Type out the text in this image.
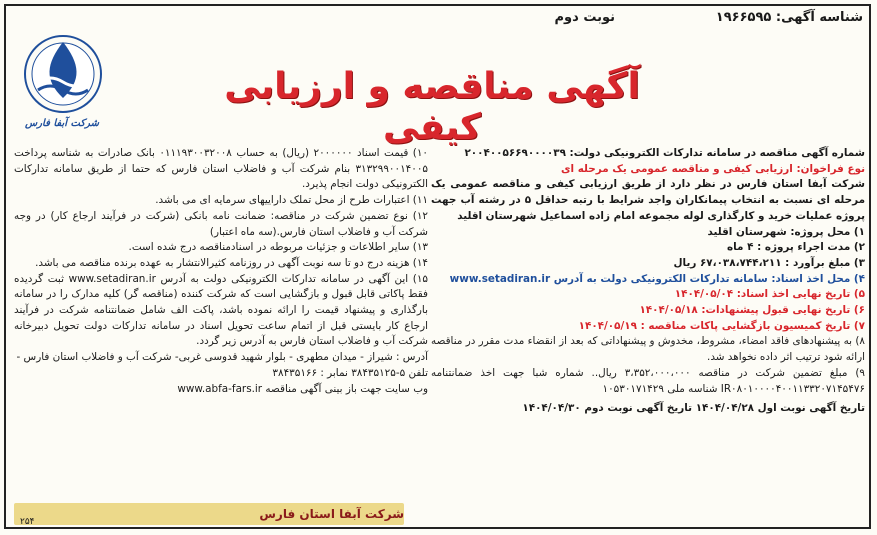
شناسه آگهی: ۱۹۶۶۵۹۵
نوبت دوم
شرکت آبفا فارس
آگهی مناقصه و ارزیابی کیفی

شماره آگهی مناقصه در سامانه تدارکات الکترونیکی دولت: ۲۰۰۴۰۰۵۶۶۹۰۰۰۰۳۹

نوع فراخوان: ارزیابی کیفی و مناقصه عمومی یک مرحله ای

شرکت آبفا استان فارس در نظر دارد از طریق ارزیابی کیفی و مناقصه عمومی یک مرحله ای نسبت به انتخاب پیمانکاران واجد شرایط با رتبه حداقل ۵ در رشته آب جهت پروژه عملیات خرید و کارگذاری لوله مجموعه امام زاده اسماعیل شهرستان اقلید

۱) محل پروژه: شهرستان اقلید

۲) مدت اجراء پروژه : ۴ ماه

۳) مبلغ برآورد : ۶۷،۰۳۸،۷۴۴،۲۱۱ ریال

۴) محل اخذ اسناد: سامانه تدارکات الکترونیکی دولت به آدرس www.setadiran.ir

۵) تاریخ نهایی اخذ اسناد: ۱۴۰۴/۰۵/۰۴

۶) تاریخ نهایی قبول پیشنهادات: ۱۴۰۴/۰۵/۱۸

۷) تاریخ کمیسیون بازگشایی پاکات مناقصه : ۱۴۰۴/۰۵/۱۹

۸) به پیشنهادهای فاقد امضاء، مشروط، مخدوش و پیشنهاداتی که بعد از انقضاء مدت مقرر در مناقصه ارائه شود ترتیب اثر داده نخواهد شد.

۹) مبلغ تضمین شرکت در مناقصه ۳،۳۵۲،۰۰۰،۰۰۰ ریال.. شماره شبا جهت اخذ ضمانتنامه IR۰۸۰۱۰۰۰۰۴۰۰۱۱۳۳۲۰۷۱۴۵۴۷۶ شناسه ملی ۱۰۵۳۰۱۷۱۴۲۹

تاریخ آگهی نوبت اول ۱۴۰۴/۰۴/۲۸ تاریخ آگهی نوبت دوم ۱۴۰۴/۰۴/۳۰

۱۰) قیمت اسناد ۲۰۰۰۰۰۰ (ریال) به حساب ۰۱۱۱۹۳۰۰۳۲۰۰۸ بانک صادرات به شناسه پرداخت ۳۱۳۲۹۹۰۰۱۴۰۰۵ بنام شرکت آب و فاضلاب استان فارس که حتما از طریق سامانه تدارکات الکترونیکی دولت انجام پذیرد.

۱۱) اعتبارات طرح از محل تملک داراییهای سرمایه ای می باشد.

۱۲) نوع تضمین شرکت در مناقصه: ضمانت نامه بانکی (شرکت در فرآیند ارجاع کار) در وجه شرکت آب و فاضلاب استان فارس.(سه ماه اعتبار)

۱۳) سایر اطلاعات و جزئیات مربوطه در اسنادمناقصه درج شده است.

۱۴) هزینه درج دو تا سه نوبت آگهی در روزنامه کثیرالانتشار به عهده برنده مناقصه می باشد.

۱۵) این آگهی در سامانه تدارکات الکترونیکی دولت به آدرس www.setadiran.ir ثبت گردیده فقط پاکاتی قابل قبول و بازگشایی است که شرکت کننده (مناقصه گر) کلیه مدارک را در سامانه بارگذاری و پیشنهاد قیمت را ارائه نموده باشد، پاکت الف شامل ضمانتنامه شرکت در فرآیند ارجاع کار بایستی قبل از اتمام ساعت تحویل اسناد در سامانه تدارکات دولت تحویل دبیرخانه شرکت آب و فاضلاب استان فارس به آدرس زیر گردد.

آدرس : شیراز - میدان مطهری - بلوار شهید قدوسی غربی- شرکت آب و فاضلاب استان فارس -

تلفن ۵-۳۸۴۳۵۱۲۵ نمابر : ۳۸۴۳۵۱۶۶

وب سایت جهت باز بینی آگهی مناقصه www.abfa-fars.ir

شرکت آبفا استان فارس
۲۵۴
